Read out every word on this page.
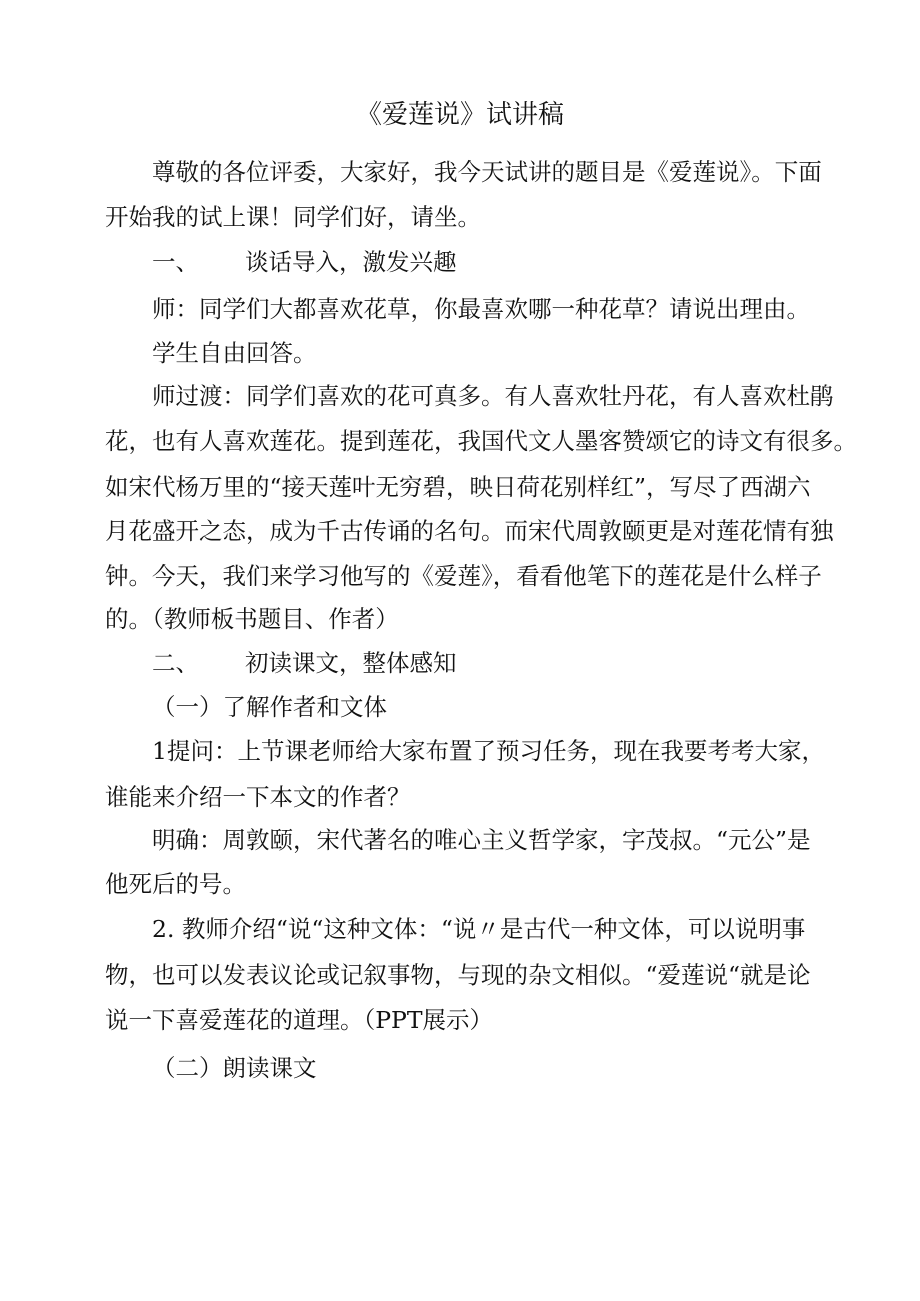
《爱莲说》试讲稿
尊敬的各位评委，大家好，我今天试讲的题目是《爱莲说》。下面
开始我的试上课！同学们好，请坐。
一、 谈话导入，激发兴趣
师：同学们大都喜欢花草，你最喜欢哪一种花草？请说出理由。
学生自由回答。
师过渡：同学们喜欢的花可真多。有人喜欢牡丹花，有人喜欢杜鹃
花，也有人喜欢莲花。提到莲花，我国代文人墨客赞颂它的诗文有很多。
如宋代杨万里的“接天莲叶无穷碧，映日荷花别样红”，写尽了西湖六
月花盛开之态，成为千古传诵的名句。而宋代周敦颐更是对莲花情有独
钟。今天，我们来学习他写的《爱莲》，看看他笔下的莲花是什么样子
的。（教师板书题目、作者）
二、 初读课文，整体感知
（一）了解作者和文体
1提问：上节课老师给大家布置了预习任务，现在我要考考大家，
谁能来介绍一下本文的作者？
明确：周敦颐，宋代著名的唯心主义哲学家，字茂叔。“元公”是
他死后的号。
2. 教师介绍“说“这种文体：“说〃是古代一种文体，可以说明事
物，也可以发表议论或记叙事物，与现的杂文相似。“爱莲说“就是论
说一下喜爱莲花的道理。（PPT展示）
（二）朗读课文
